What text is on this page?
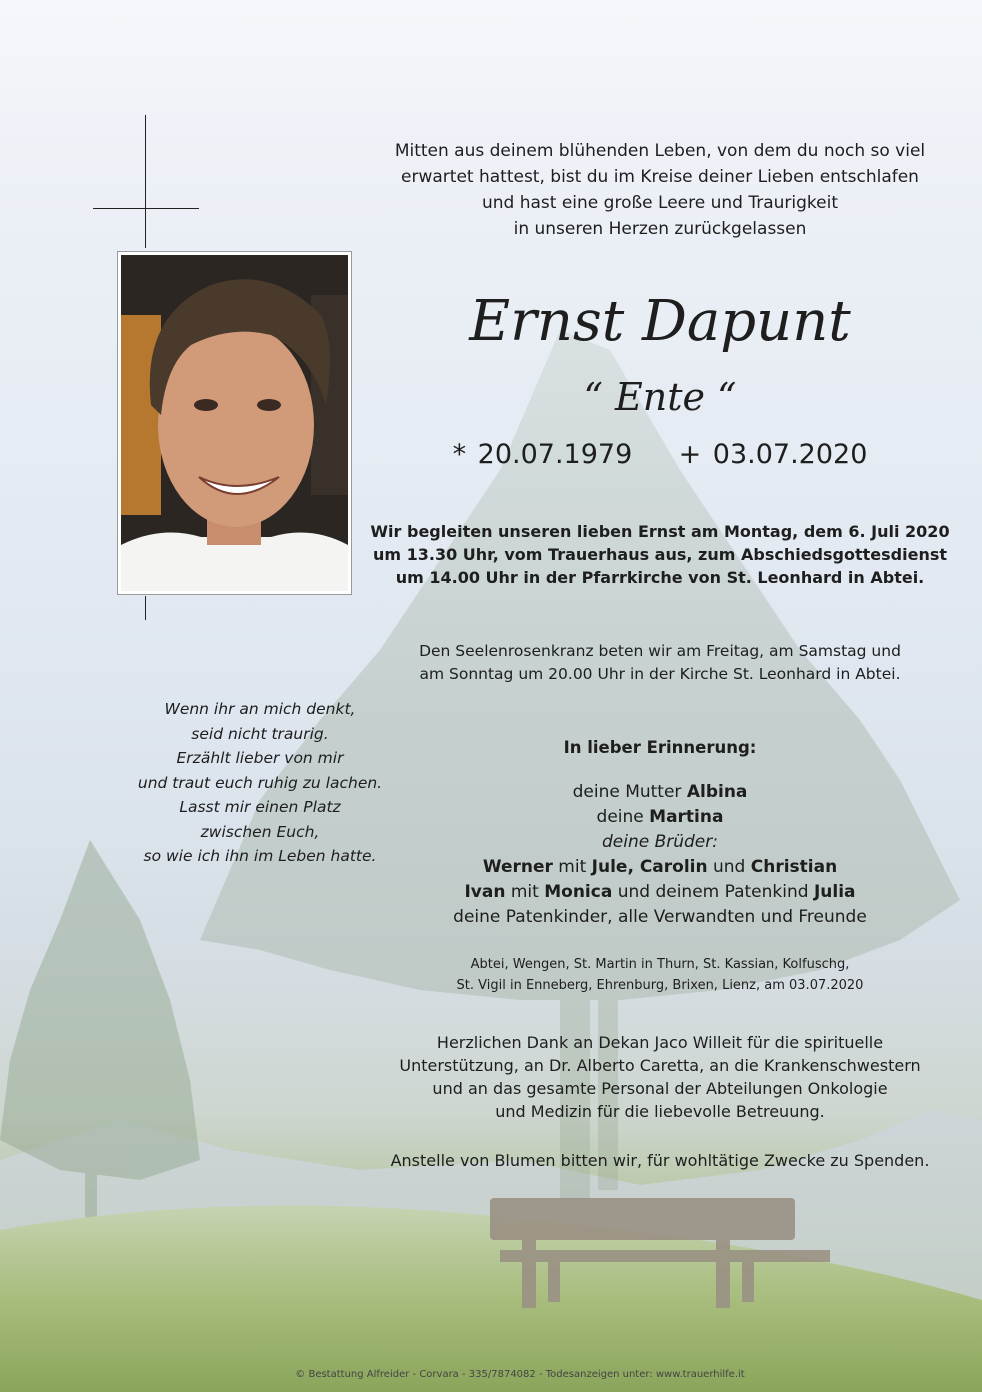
Mitten aus deinem blühenden Leben, von dem du noch so viel
erwartet hattest, bist du im Kreise deiner Lieben entschlafen
und hast eine große Leere und Traurigkeit
in unseren Herzen zurückgelassen
Ernst Dapunt
“ Ente “
* 20.07.1979    + 03.07.2020
Wir begleiten unseren lieben Ernst am Montag, dem 6. Juli 2020
um 13.30 Uhr, vom Trauerhaus aus, zum Abschiedsgottesdienst
um 14.00 Uhr in der Pfarrkirche von St. Leonhard in Abtei.
Den Seelenrosenkranz beten wir am Freitag, am Samstag und
am Sonntag um 20.00 Uhr in der Kirche St. Leonhard in Abtei.
In lieber Erinnerung:
deine Mutter Albina
deine Martina
deine Brüder:
Werner mit Jule, Carolin und Christian
Ivan mit Monica und deinem Patenkind Julia
deine Patenkinder, alle Verwandten und Freunde
Abtei, Wengen, St. Martin in Thurn, St. Kassian, Kolfuschg,
St. Vigil in Enneberg, Ehrenburg, Brixen, Lienz, am 03.07.2020
Herzlichen Dank an Dekan Jaco Willeit für die spirituelle
Unterstützung, an Dr. Alberto Caretta, an die Krankenschwestern
und an das gesamte Personal der Abteilungen Onkologie
und Medizin für die liebevolle Betreuung.
Anstelle von Blumen bitten wir, für wohltätige Zwecke zu Spenden.
Wenn ihr an mich denkt,
seid nicht traurig.
Erzählt lieber von mir
und traut euch ruhig zu lachen.
Lasst mir einen Platz
zwischen Euch,
so wie ich ihn im Leben hatte.
© Bestattung Alfreider - Corvara - 335/7874082 - Todesanzeigen unter: www.trauerhilfe.it
